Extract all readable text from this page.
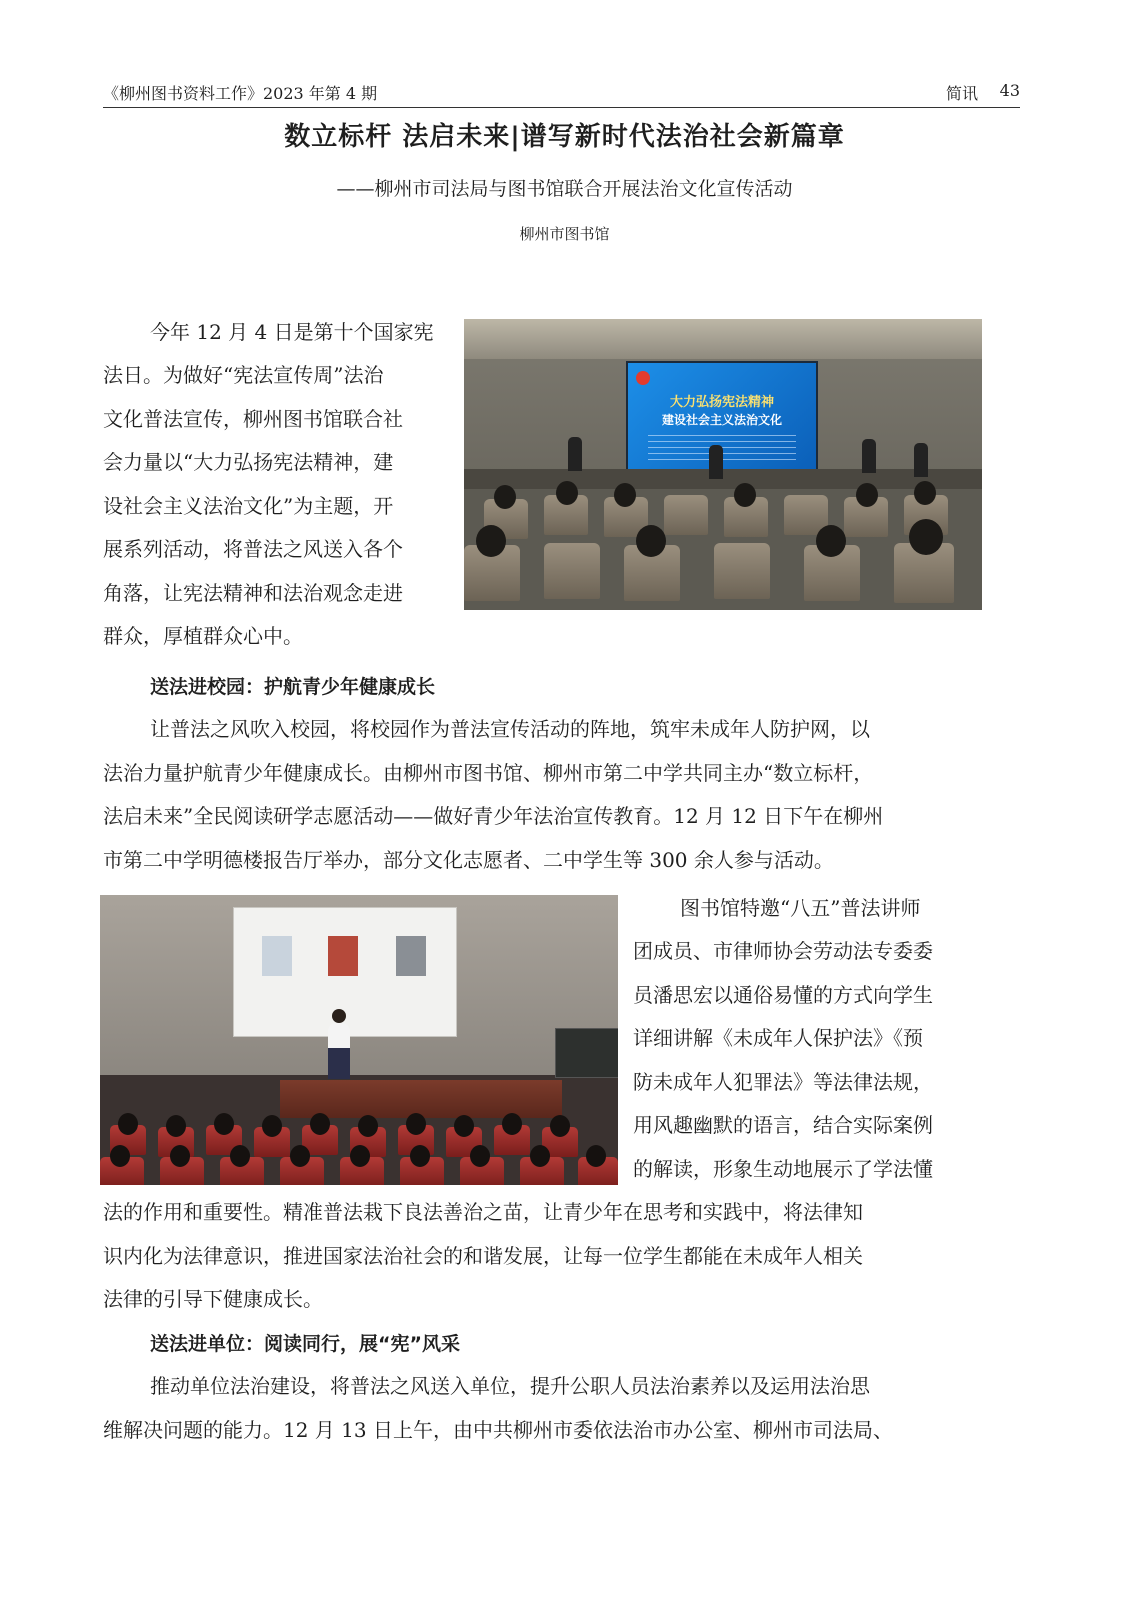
《柳州图书资料工作》2023 年第 4 期	简讯 43
数立标杆 法启未来|谱写新时代法治社会新篇章
——柳州市司法局与图书馆联合开展法治文化宣传活动
柳州市图书馆

今年 12 月 4 日是第十个国家宪

法日。为做好“宪法宣传周”法治

文化普法宣传，柳州图书馆联合社

会力量以“大力弘扬宪法精神，建

设社会主义法治文化”为主题，开

展系列活动，将普法之风送入各个

角落，让宪法精神和法治观念走进

群众，厚植群众心中。

大力弘扬宪法精神
建设社会主义法治文化
送法进校园：护航青少年健康成长

让普法之风吹入校园，将校园作为普法宣传活动的阵地，筑牢未成年人防护网，以

法治力量护航青少年健康成长。由柳州市图书馆、柳州市第二中学共同主办“数立标杆，

法启未来”全民阅读研学志愿活动——做好青少年法治宣传教育。12 月 12 日下午在柳州

市第二中学明德楼报告厅举办，部分文化志愿者、二中学生等 300 余人参与活动。

图书馆特邀“八五”普法讲师

团成员、市律师协会劳动法专委委

员潘思宏以通俗易懂的方式向学生

详细讲解《未成年人保护法》《预

防未成年人犯罪法》等法律法规，

用风趣幽默的语言，结合实际案例

的解读，形象生动地展示了学法懂

法的作用和重要性。精准普法栽下良法善治之苗，让青少年在思考和实践中，将法律知

识内化为法律意识，推进国家法治社会的和谐发展，让每一位学生都能在未成年人相关

法律的引导下健康成长。

送法进单位：阅读同行，展“宪”风采

推动单位法治建设，将普法之风送入单位，提升公职人员法治素养以及运用法治思

维解决问题的能力。12 月 13 日上午，由中共柳州市委依法治市办公室、柳州市司法局、
